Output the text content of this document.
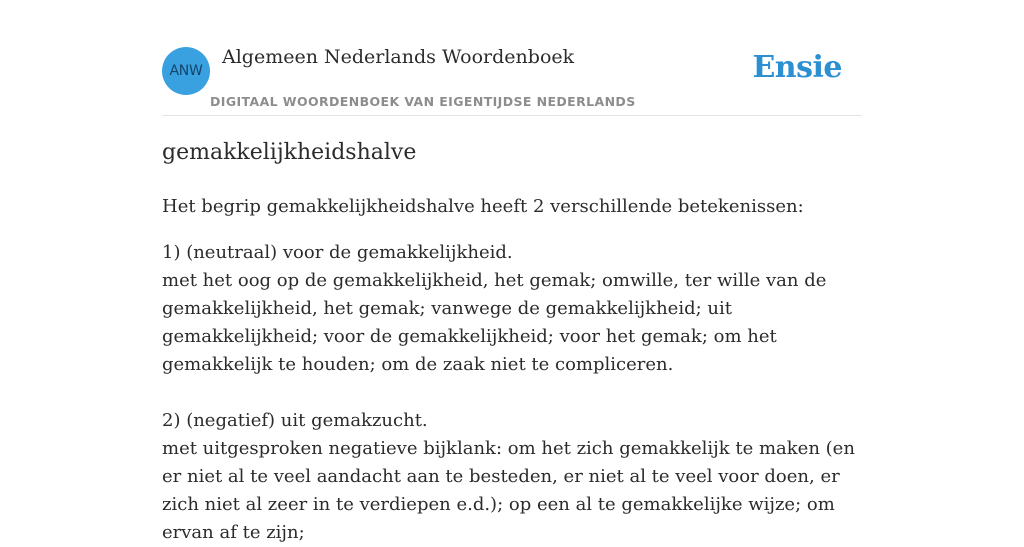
ANW
Algemeen Nederlands Woordenboek
DIGITAAL WOORDENBOEK VAN EIGENTIJDSE NEDERLANDS
Ensie
gemakkelijkheidshalve

Het begrip gemakkelijkheidshalve heeft 2 verschillende betekenissen:

1) (neutraal) voor de gemakkelijkheid.
met het oog op de gemakkelijkheid, het gemak; omwille, ter wille van de gemakkelijkheid, het gemak; vanwege de gemakkelijkheid; uit gemakkelijkheid; voor de gemakkelijkheid; voor het gemak; om het gemakkelijk te houden; om de zaak niet te compliceren.
2) (negatief) uit gemakzucht.
met uitgesproken negatieve bijklank: om het zich gemakkelijk te maken (en er niet al te veel aandacht aan te besteden, er niet al te veel voor doen, er zich niet al zeer in te verdiepen e.d.); op een al te gemakkelijke wijze; om ervan af te zijn;
